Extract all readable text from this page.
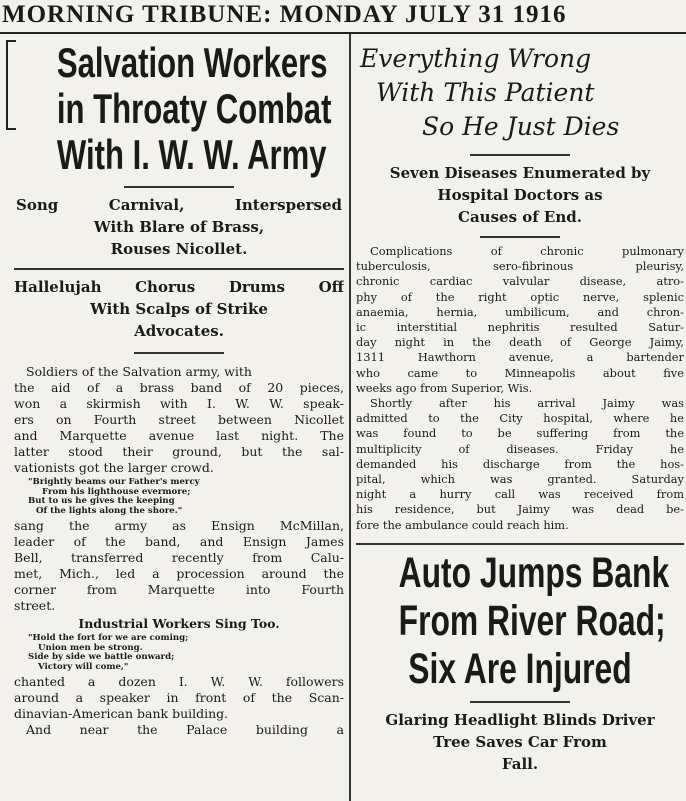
MORNING TRIBUNE: MONDAY JULY 31 1916
Salvation Workers
in Throaty Combat
With I. W. W. Army
Song Carnival, Interspersed
With Blare of Brass,
Rouses Nicollet.
Hallelujah Chorus Drums Off
With Scalps of Strike
Advocates.
Soldiers of the Salvation army, with
the aid of a brass band of 20 pieces,
won a skirmish with I. W. W. speak-
ers on Fourth street between Nicollet
and Marquette avenue last night. The
latter stood their ground, but the sal-
vationists got the larger crowd.
"Brightly beams our Father's mercy
From his lighthouse evermore;
But to us he gives the keeping
Of the lights along the shore."
sang the army as Ensign McMillan,
leader of the band, and Ensign James
Bell, transferred recently from Calu-
met, Mich., led a procession around the
corner from Marquette into Fourth
street.
Industrial Workers Sing Too.
"Hold the fort for we are coming;
Union men be strong.
Side by side we battle onward;
Victory will come,"
chanted a dozen I. W. W. followers
around a speaker in front of the Scan-
dinavian-American bank building.
And near the Palace building a
Everything Wrong
With This Patient
So He Just Dies
Seven Diseases Enumerated by
Hospital Doctors as
Causes of End.
Complications of chronic pulmonary
tuberculosis, sero-fibrinous pleurisy,
chronic cardiac valvular disease, atro-
phy of the right optic nerve, splenic
anaemia, hernia, umbilicum, and chron-
ic interstitial nephritis resulted Satur-
day night in the death of George Jaimy,
1311 Hawthorn avenue, a bartender
who came to Minneapolis about five
weeks ago from Superior, Wis.
Shortly after his arrival Jaimy was
admitted to the City hospital, where he
was found to be suffering from the
multiplicity of diseases. Friday he
demanded his discharge from the hos-
pital, which was granted. Saturday
night a hurry call was received from
his residence, but Jaimy was dead be-
fore the ambulance could reach him.
Auto Jumps Bank
From River Road;
Six Are Injured
Glaring Headlight Blinds Driver
Tree Saves Car From
Fall.
